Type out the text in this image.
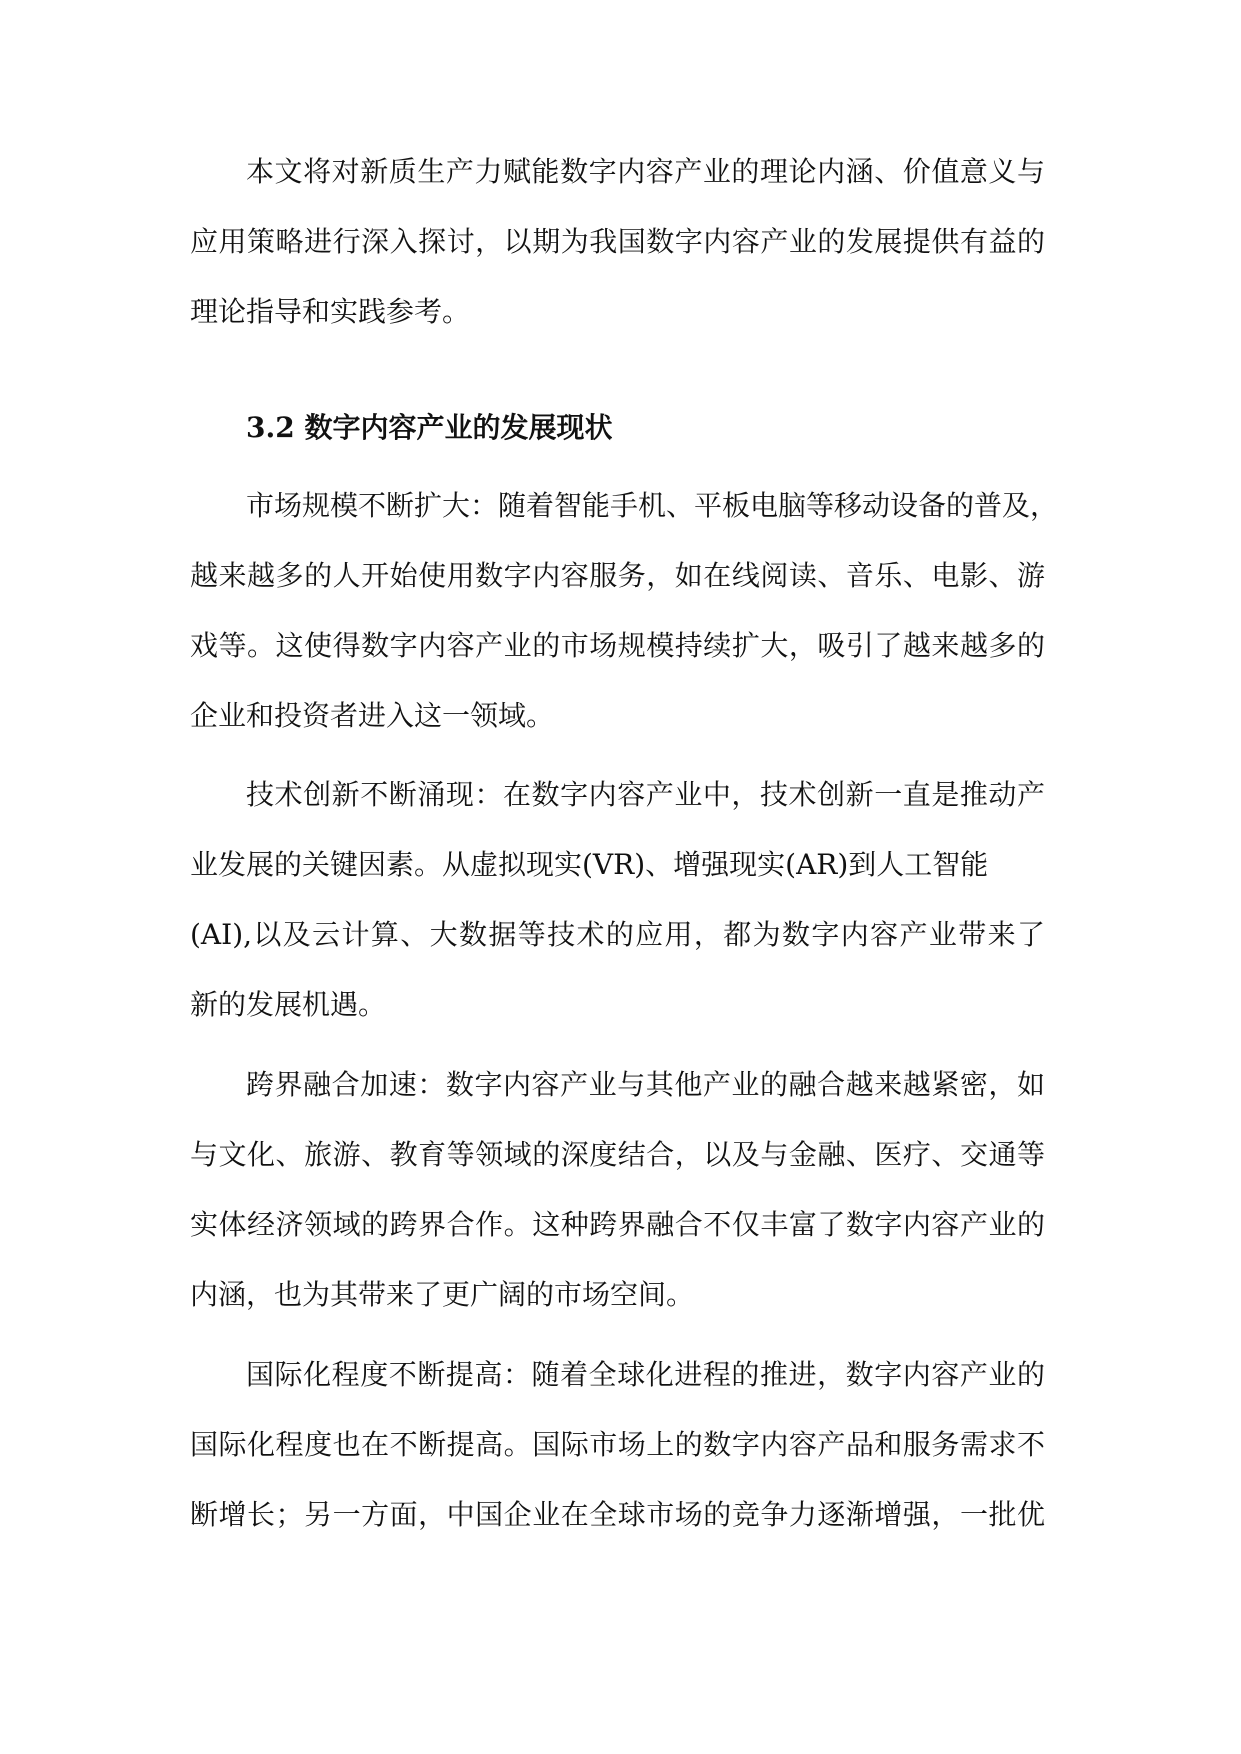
本文将对新质生产力赋能数字内容产业的理论内涵、价值意义与
应用策略进行深入探讨，以期为我国数字内容产业的发展提供有益的
理论指导和实践参考。
3.2 数字内容产业的发展现状
市场规模不断扩大：随着智能手机、平板电脑等移动设备的普及，
越来越多的人开始使用数字内容服务，如在线阅读、音乐、电影、游
戏等。这使得数字内容产业的市场规模持续扩大，吸引了越来越多的
企业和投资者进入这一领域。
技术创新不断涌现：在数字内容产业中，技术创新一直是推动产
业发展的关键因素。从虚拟现实(VR)、增强现实(AR)到人工智能
(AI),以及云计算、大数据等技术的应用，都为数字内容产业带来了
新的发展机遇。
跨界融合加速：数字内容产业与其他产业的融合越来越紧密，如
与文化、旅游、教育等领域的深度结合，以及与金融、医疗、交通等
实体经济领域的跨界合作。这种跨界融合不仅丰富了数字内容产业的
内涵，也为其带来了更广阔的市场空间。
国际化程度不断提高：随着全球化进程的推进，数字内容产业的
国际化程度也在不断提高。国际市场上的数字内容产品和服务需求不
断增长；另一方面，中国企业在全球市场的竞争力逐渐增强，一批优
